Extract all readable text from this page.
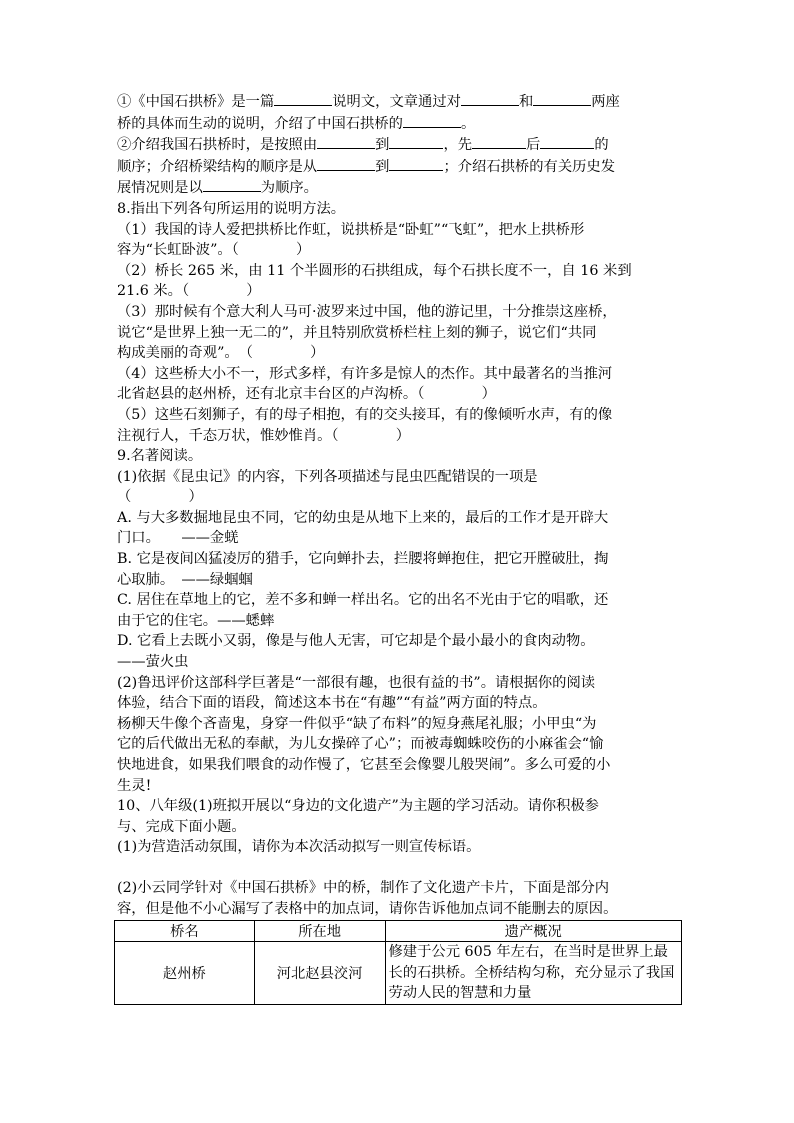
①《中国石拱桥》是一篇	说明文，文章通过对	和	两座
桥的具体而生动的说明，介绍了中国石拱桥的	。
②介绍我国石拱桥时，是按照由	到	，先	后	的
顺序；介绍桥梁结构的顺序是从	到	；介绍石拱桥的有关历史发
展情况则是以	为顺序。
8.指出下列各句所运用的说明方法。
（1）我国的诗人爱把拱桥比作虹，说拱桥是“卧虹”“飞虹”，把水上拱桥形
容为“长虹卧波”。（　　　　）
（2）桥长 265 米，由 11 个半圆形的石拱组成，每个石拱长度不一，自 16 米到
21.6 米。（　　　　）
（3）那时候有个意大利人马可·波罗来过中国，他的游记里，十分推崇这座桥，
说它“是世界上独一无二的”，并且特别欣赏桥栏柱上刻的狮子，说它们“共同
构成美丽的奇观”。　（　　　　）
（4）这些桥大小不一，形式多样，有许多是惊人的杰作。其中最著名的当推河
北省赵县的赵州桥，还有北京丰台区的卢沟桥。（　　　　）
（5）这些石刻狮子，有的母子相抱，有的交头接耳，有的像倾听水声，有的像
注视行人，千态万状，惟妙惟肖。（　　　　）
9.名著阅读。
(1)依据《昆虫记》的内容，下列各项描述与昆虫匹配错误的一项是
（　　　　）
A. 与大多数掘地昆虫不同，它的幼虫是从地下上来的，最后的工作才是开辟大
门口。　　——金蜣
B. 它是夜间凶猛凌厉的猎手，它向蝉扑去，拦腰将蝉抱住，把它开膛破肚，掏
心取肺。　——绿蝈蝈
C. 居住在草地上的它，差不多和蝉一样出名。它的出名不光由于它的唱歌，还
由于它的住宅。——蟋蟀
D. 它看上去既小又弱，像是与他人无害，可它却是个最小最小的食肉动物。
——萤火虫
(2)鲁迅评价这部科学巨著是“一部很有趣，也很有益的书”。请根据你的阅读
体验，结合下面的语段，简述这本书在“有趣”“有益”两方面的特点。
杨柳天牛像个吝啬鬼，身穿一件似乎“缺了布料”的短身燕尾礼服；小甲虫“为
它的后代做出无私的奉献，为儿女操碎了心”；而被毒蜘蛛咬伤的小麻雀会“愉
快地进食，如果我们喂食的动作慢了，它甚至会像婴儿般哭闹”。多么可爱的小
生灵!
10、八年级(1)班拟开展以“身边的文化遗产”为主题的学习活动。请你积极参
与、完成下面小题。
(1)为营造活动氛围，请你为本次活动拟写一则宣传标语。
(2)小云同学针对《中国石拱桥》中的桥，制作了文化遗产卡片，下面是部分内
容，但是他不小心漏写了表格中的加点词，请你告诉他加点词不能删去的原因。
桥名	所在地	遗产概况
赵州桥	河北赵县洨河	修建于公元 605 年左右，在当时是世界上最长的石拱桥。全桥结构匀称，充分显示了我国劳动人民的智慧和力量
